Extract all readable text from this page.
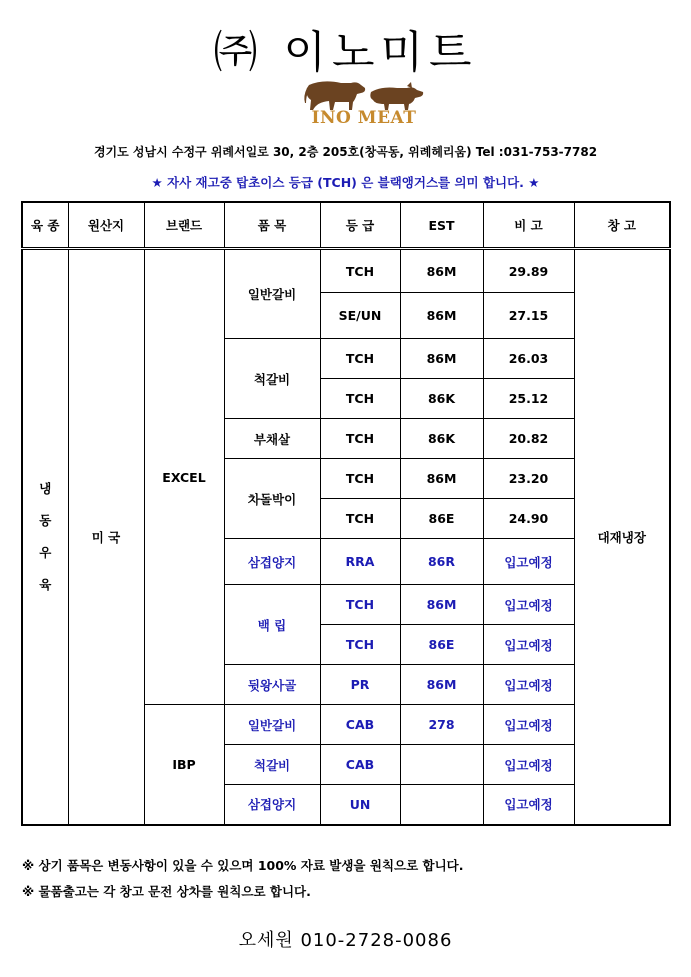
㈜ 이노미트
INO MEAT
경기도 성남시 수정구 위례서일로 30, 2층 205호(창곡동, 위례헤리움) Tel :031-753-7782
★ 자사 재고중 탑초이스 등급 (TCH) 은 블랙앵거스를 의미 합니다. ★
육 종	원산지	브랜드	품 목	등 급	EST	비 고	창 고

냉
동
우
육	미 국	EXCEL	일반갈비	TCH	86M	29.89	대재냉장
				SE/UN	86M	27.15	
			척갈비	TCH	86M	26.03	
				TCH	86K	25.12	
			부채살	TCH	86K	20.82	
			차돌박이	TCH	86M	23.20	
				TCH	86E	24.90	
			삼겹양지	RRA	86R	입고예정	
			백 립	TCH	86M	입고예정	
				TCH	86E	입고예정	
			뒷왕사골	PR	86M	입고예정	
		IBP	일반갈비	CAB	278	입고예정	
			척갈비	CAB		입고예정	
			삼겹양지	UN		입고예정	
※ 상기 품목은 변동사항이 있을 수 있으며 100% 자료 발생을 원칙으로 합니다.
※ 물품출고는 각 창고 문전 상차를 원칙으로 합니다.
오세원 010-2728-0086
